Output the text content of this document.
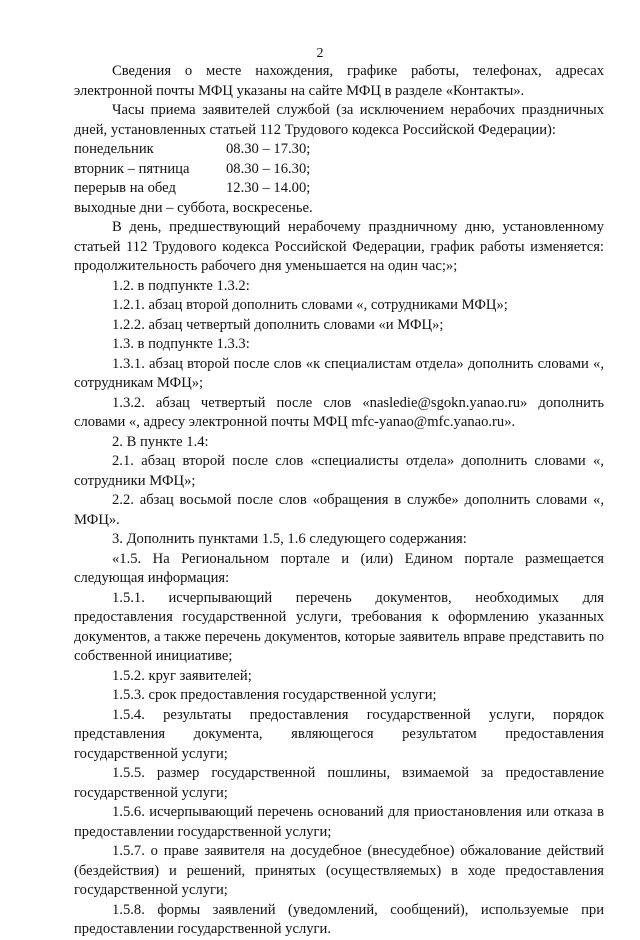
2

Сведения о месте нахождения, графике работы, телефонах, адресах электронной почты МФЦ указаны на сайте МФЦ в разделе «Контакты».

Часы приема заявителей службой (за исключением нерабочих праздничных дней, установленных статьей 112 Трудового кодекса Российской Федерации):

понедельник	08.30 – 17.30;
вторник – пятница	08.30 – 16.30;
перерыв на обед	12.30 – 14.00;

выходные дни – суббота, воскресенье.

В день, предшествующий нерабочему праздничному дню, установленному статьей 112 Трудового кодекса Российской Федерации, график работы изменяется: продолжительность рабочего дня уменьшается на один час;»;

1.2. в подпункте 1.3.2:

1.2.1. абзац второй дополнить словами «, сотрудниками МФЦ»;

1.2.2. абзац четвертый дополнить словами «и МФЦ»;

1.3. в подпункте 1.3.3:

1.3.1. абзац второй после слов «к специалистам отдела» дополнить словами «, сотрудникам МФЦ»;

1.3.2. абзац четвертый после слов «nasledie@sgokn.yanao.ru» дополнить словами «, адресу электронной почты МФЦ mfc-yanao@mfc.yanao.ru».

2. В пункте 1.4:

2.1. абзац второй после слов «специалисты отдела» дополнить словами «, сотрудники МФЦ»;

2.2. абзац восьмой после слов «обращения в службе» дополнить словами «, МФЦ».

3. Дополнить пунктами 1.5, 1.6 следующего содержания:

«1.5. На Региональном портале и (или) Едином портале размещается следующая информация:

1.5.1. исчерпывающий перечень документов, необходимых для предоставления государственной услуги, требования к оформлению указанных документов, а также перечень документов, которые заявитель вправе представить по собственной инициативе;

1.5.2. круг заявителей;

1.5.3. срок предоставления государственной услуги;

1.5.4. результаты предоставления государственной услуги, порядок представления документа, являющегося результатом предоставления государственной услуги;

1.5.5. размер государственной пошлины, взимаемой за предоставление государственной услуги;

1.5.6. исчерпывающий перечень оснований для приостановления или отказа в предоставлении государственной услуги;

1.5.7. о праве заявителя на досудебное (внесудебное) обжалование действий (бездействия) и решений, принятых (осуществляемых) в ходе предоставления государственной услуги;

1.5.8. формы заявлений (уведомлений, сообщений), используемые при предоставлении государственной услуги.
